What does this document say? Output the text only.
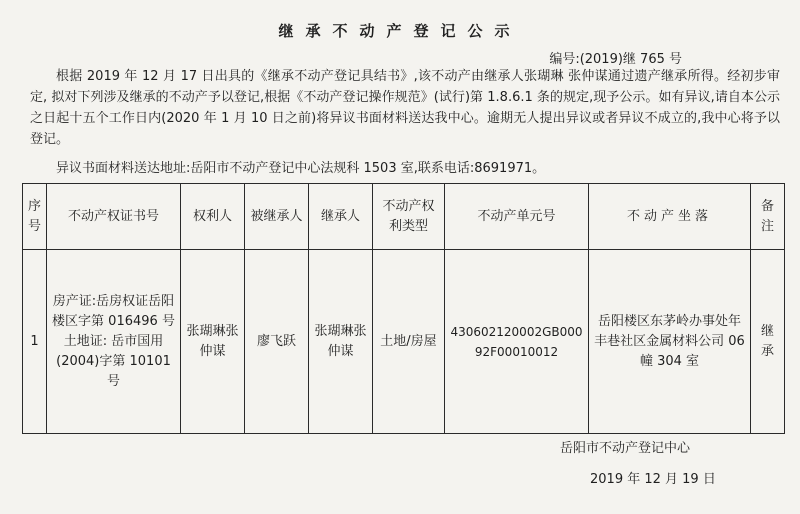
继承不动产登记公示
编号:(2019)继 765 号
根据 2019 年 12 月 17 日出具的《继承不动产登记具结书》,该不动产由继承人张瑚琳 张仲谋通过遗产继承所得。经初步审定, 拟对下列涉及继承的不动产予以登记,根据《不动产登记操作规范》(试行)第 1.8.6.1 条的规定,现予公示。如有异议,请自本公示之日起十五个工作日内(2020 年 1 月 10 日之前)将异议书面材料送达我中心。逾期无人提出异议或者异议不成立的,我中心将予以登记。
异议书面材料送达地址:岳阳市不动产登记中心法规科 1503 室,联系电话:8691971。
序号	不动产权证书号	权利人	被继承人	继承人	不动产权利类型	不动产单元号	不动产坐落	备注
1	房产证:岳房权证岳阳楼区字第 016496 号
土地证: 岳市国用(2004)字第 10101 号	张瑚琳张仲谋	廖飞跃	张瑚琳张仲谋	土地/房屋	430602120002GB00092F00010012	岳阳楼区东茅岭办事处年丰巷社区金属材料公司 06 幢 304 室	继承
岳阳市不动产登记中心
2019 年 12 月 19 日
